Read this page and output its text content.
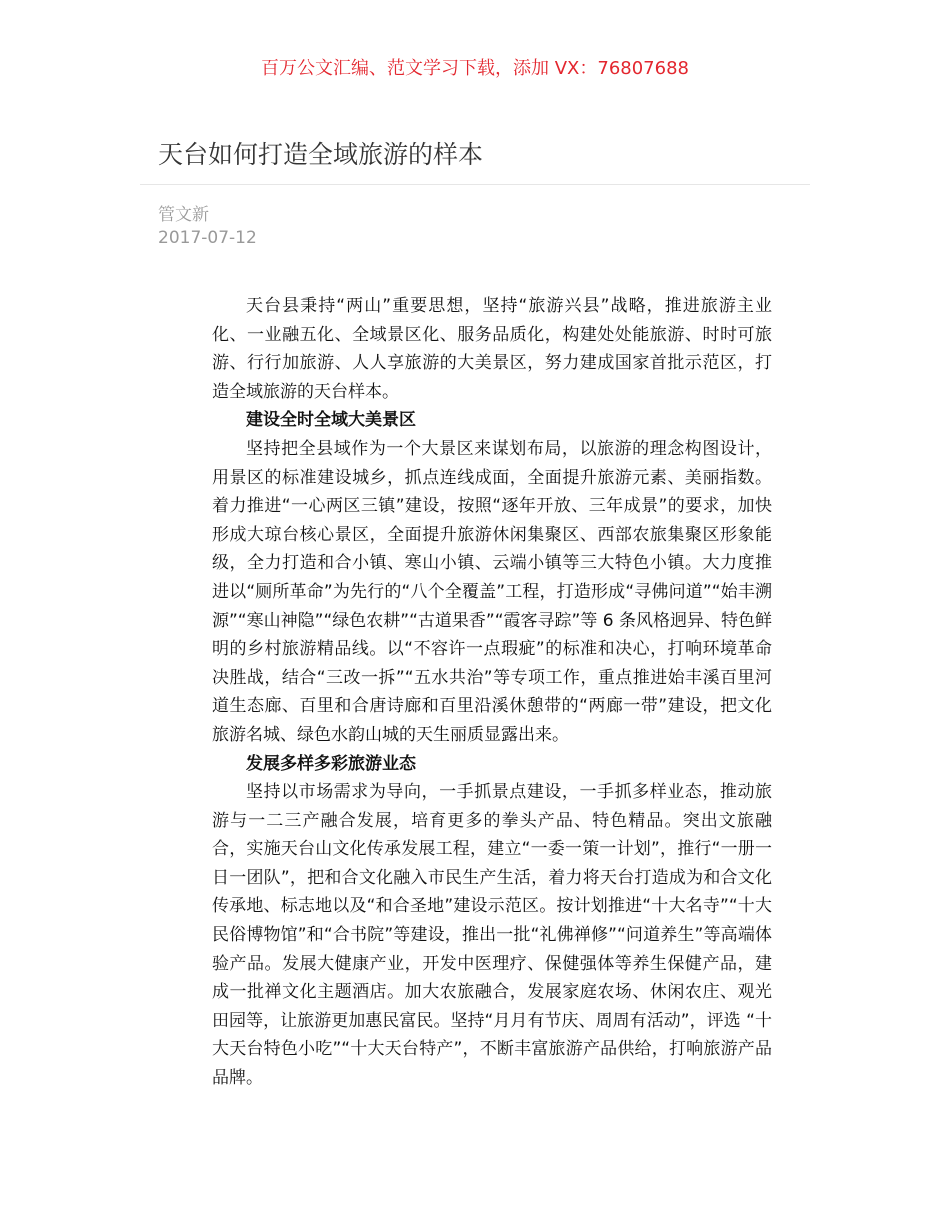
百万公文汇编、范文学习下载，添加 VX：76807688
天台如何打造全域旅游的样本
管文新
2017-07-12

天台县秉持“两山”重要思想，坚持“旅游兴县”战略，推进旅游主业化、一业融五化、全域景区化、服务品质化，构建处处能旅游、时时可旅游、行行加旅游、人人享旅游的大美景区，努力建成国家首批示范区，打造全域旅游的天台样本。

建设全时全域大美景区

坚持把全县域作为一个大景区来谋划布局，以旅游的理念构图设计，用景区的标准建设城乡，抓点连线成面，全面提升旅游元素、美丽指数。着力推进“一心两区三镇”建设，按照“逐年开放、三年成景”的要求，加快形成大琼台核心景区，全面提升旅游休闲集聚区、西部农旅集聚区形象能级，全力打造和合小镇、寒山小镇、云端小镇等三大特色小镇。大力度推进以“厕所革命”为先行的“八个全覆盖”工程，打造形成“寻佛问道”“始丰溯源”“寒山神隐”“绿色农耕”“古道果香”“霞客寻踪”等 6 条风格迥异、特色鲜明的乡村旅游精品线。以“不容许一点瑕疵”的标准和决心，打响环境革命决胜战，结合“三改一拆”“五水共治”等专项工作，重点推进始丰溪百里河道生态廊、百里和合唐诗廊和百里沿溪休憩带的“两廊一带”建设，把文化旅游名城、绿色水韵山城的天生丽质显露出来。

发展多样多彩旅游业态

坚持以市场需求为导向，一手抓景点建设，一手抓多样业态，推动旅游与一二三产融合发展，培育更多的拳头产品、特色精品。突出文旅融合，实施天台山文化传承发展工程，建立“一委一策一计划”，推行“一册一日一团队”，把和合文化融入市民生产生活，着力将天台打造成为和合文化传承地、标志地以及“和合圣地”建设示范区。按计划推进“十大名寺”“十大民俗博物馆”和“合书院”等建设，推出一批“礼佛禅修”“问道养生”等高端体验产品。发展大健康产业，开发中医理疗、保健强体等养生保健产品，建成一批禅文化主题酒店。加大农旅融合，发展家庭农场、休闲农庄、观光田园等，让旅游更加惠民富民。坚持“月月有节庆、周周有活动”，评选 “十大天台特色小吃”“十大天台特产”，不断丰富旅游产品供给，打响旅游产品品牌。
